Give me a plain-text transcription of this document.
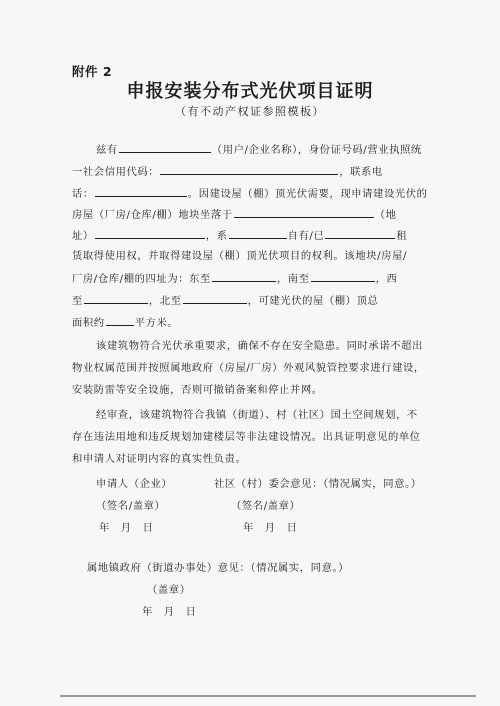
附件 2
申报安装分布式光伏项目证明
（有不动产权证参照模板）
兹有	（用户/企业名称），身份证号码/营业执照统
一社会信用代码：	，联系电
话：	。因建设屋（棚）顶光伏需要，现申请建设光伏的
房屋（厂房/仓库/棚）地块坐落于	（地
址）	，系	自有/已	租
赁取得使用权，并取得建设屋（棚）顶光伏项目的权利。该地块/房屋/
厂房/仓库/棚的四址为：东至	，南至	，西
至	，北至	，可建光伏的屋（棚）顶总
面积约	平方米。
该建筑物符合光伏承重要求，确保不存在安全隐患。同时承诺不超出
物业权属范围并按照属地政府（房屋/厂房）外观风貌管控要求进行建设，
安装防雷等安全设施，否则可撤销备案和停止并网。
经审查，该建筑物符合我镇（街道）、村（社区）国土空间规划，不
存在违法用地和违反规划加建楼层等非法建设情况。出具证明意见的单位
和申请人对证明内容的真实性负责。
申请人（企业）	社区（村）委会意见：（情况属实，同意。）
（签名/盖章）	（签名/盖章）
年　月　日	年　月　日
属地镇政府（街道办事处）意见：（情况属实，同意。）
（盖章）
年　月　日
